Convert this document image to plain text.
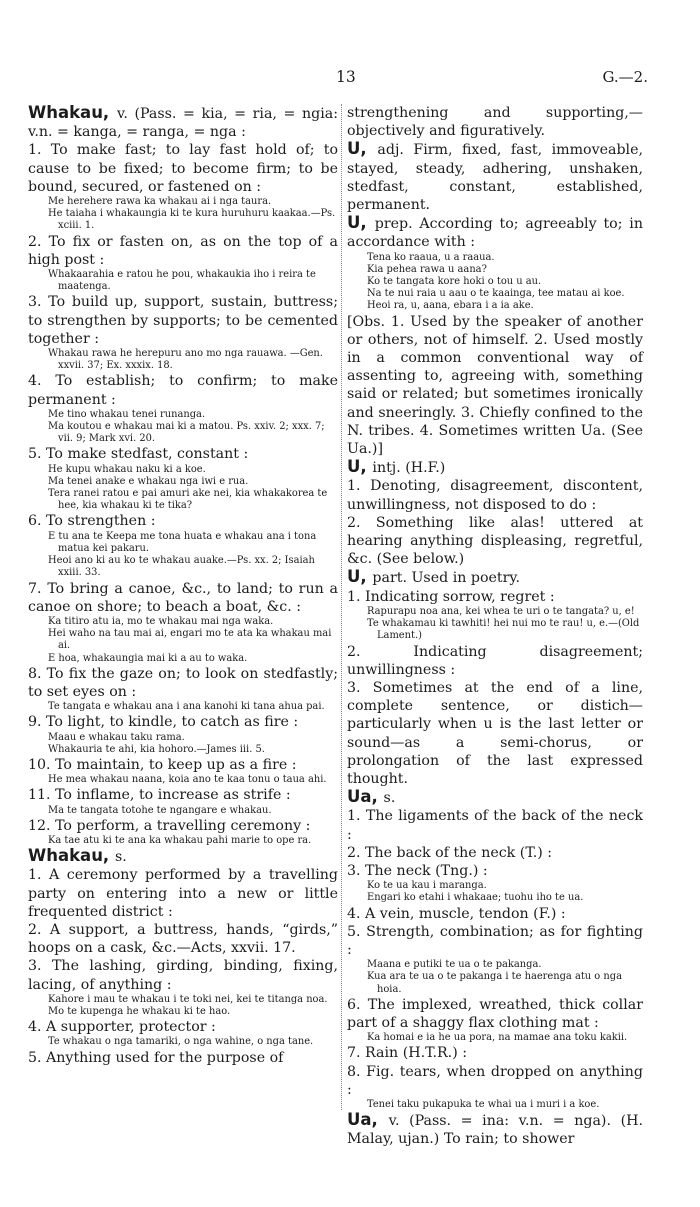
13	G.—2.
Whakau, v. (Pass. = kia, = ria, = ngia: v.n. = kanga, = ranga, = nga :
1. To make fast; to lay fast hold of; to cause to be fixed; to become firm; to be bound, secured, or fastened on :
Me herehere rawa ka whakau ai i nga taura.
He taiaha i whakaungia ki te kura huruhuru kaakaa.—Ps. xciii. 1.
2. To fix or fasten on, as on the top of a high post :
Whakaarahia e ratou he pou, whakaukia iho i reira te maatenga.
3. To build up, support, sustain, buttress; to strengthen by supports; to be cemented together :
Whakau rawa he herepuru ano mo nga rauawa. —Gen. xxvii. 37; Ex. xxxix. 18.
4. To establish; to confirm; to make permanent :
Me tino whakau tenei runanga.
Ma koutou e whakau mai ki a matou. Ps. xxiv. 2; xxx. 7; vii. 9; Mark xvi. 20.
5. To make stedfast, constant :
He kupu whakau naku ki a koe.
Ma tenei anake e whakau nga iwi e rua.
Tera ranei ratou e pai amuri ake nei, kia whakakorea te hee, kia whakau ki te tika?
6. To strengthen :
E tu ana te Keepa me tona huata e whakau ana i tona matua kei pakaru.
Heoi ano ki au ko te whakau auake.—Ps. xx. 2; Isaiah xxiii. 33.
7. To bring a canoe, &c., to land; to run a canoe on shore; to beach a boat, &c. :
Ka titiro atu ia, mo te whakau mai nga waka.
Hei waho na tau mai ai, engari mo te ata ka whakau mai ai.
E hoa, whakaungia mai ki a au to waka.
8. To fix the gaze on; to look on stedfastly; to set eyes on :
Te tangata e whakau ana i ana kanohi ki tana ahua pai.
9. To light, to kindle, to catch as fire :
Maau e whakau taku rama.
Whakauria te ahi, kia hohoro.—James iii. 5.
10. To maintain, to keep up as a fire :
He mea whakau naana, koia ano te kaa tonu o taua ahi.
11. To inflame, to increase as strife :
Ma te tangata totohe te ngangare e whakau.
12. To perform, a travelling ceremony :
Ka tae atu ki te ana ka whakau pahi marie to ope ra.
Whakau, s.
1. A ceremony performed by a travelling party on entering into a new or little frequented district :
2. A support, a buttress, hands, “girds,” hoops on a cask, &c.—Acts, xxvii. 17.
3. The lashing, girding, binding, fixing, lacing, of anything :
Kahore i mau te whakau i te toki nei, kei te titanga noa.
Mo te kupenga he whakau ki te hao.
4. A supporter, protector :
Te whakau o nga tamariki, o nga wahine, o nga tane.
5. Anything used for the purpose of
strengthening and supporting,—objectively and figuratively.
U, adj. Firm, fixed, fast, immoveable, stayed, steady, adhering, unshaken, stedfast, constant, established, permanent.
U, prep. According to; agreeably to; in accordance with :
Tena ko raaua, u a raaua.
Kia pehea rawa u aana?
Ko te tangata kore hoki o tou u au.
Na te nui raia u aau o te kaainga, tee matau ai koe.
Heoi ra, u, aana, ebara i a ia ake.
[Obs. 1. Used by the speaker of another or others, not of himself. 2. Used mostly in a common conventional way of assenting to, agreeing with, something said or related; but sometimes ironically and sneeringly. 3. Chiefly confined to the N. tribes. 4. Sometimes written Ua. (See Ua.)]
U, intj. (H.F.)
1. Denoting, disagreement, discontent, unwillingness, not disposed to do :
2. Something like alas! uttered at hearing anything displeasing, regretful, &c. (See below.)
U, part. Used in poetry.
1. Indicating sorrow, regret :
Rapurapu noa ana, kei whea te uri o te tangata? u, e!
Te whakamau ki tawhiti! hei nui mo te rau! u, e.—(Old Lament.)
2. Indicating disagreement; unwillingness :
3. Sometimes at the end of a line, complete sentence, or distich—particularly when u is the last letter or sound—as a semi-chorus, or prolongation of the last expressed thought.
Ua, s.
1. The ligaments of the back of the neck :
2. The back of the neck (T.) :
3. The neck (Tng.) :
Ko te ua kau i maranga.
Engari ko etahi i whakaae; tuohu iho te ua.
4. A vein, muscle, tendon (F.) :
5. Strength, combination; as for fighting :
Maana e putiki te ua o te pakanga.
Kua ara te ua o te pakanga i te haerenga atu o nga hoia.
6. The implexed, wreathed, thick collar part of a shaggy flax clothing mat :
Ka homai e ia he ua pora, na mamae ana toku kakii.
7. Rain (H.T.R.) :
8. Fig. tears, when dropped on anything :
Tenei taku pukapuka te whai ua i muri i a koe.
Ua, v. (Pass. = ina: v.n. = nga). (H. Malay, ujan.) To rain; to shower
